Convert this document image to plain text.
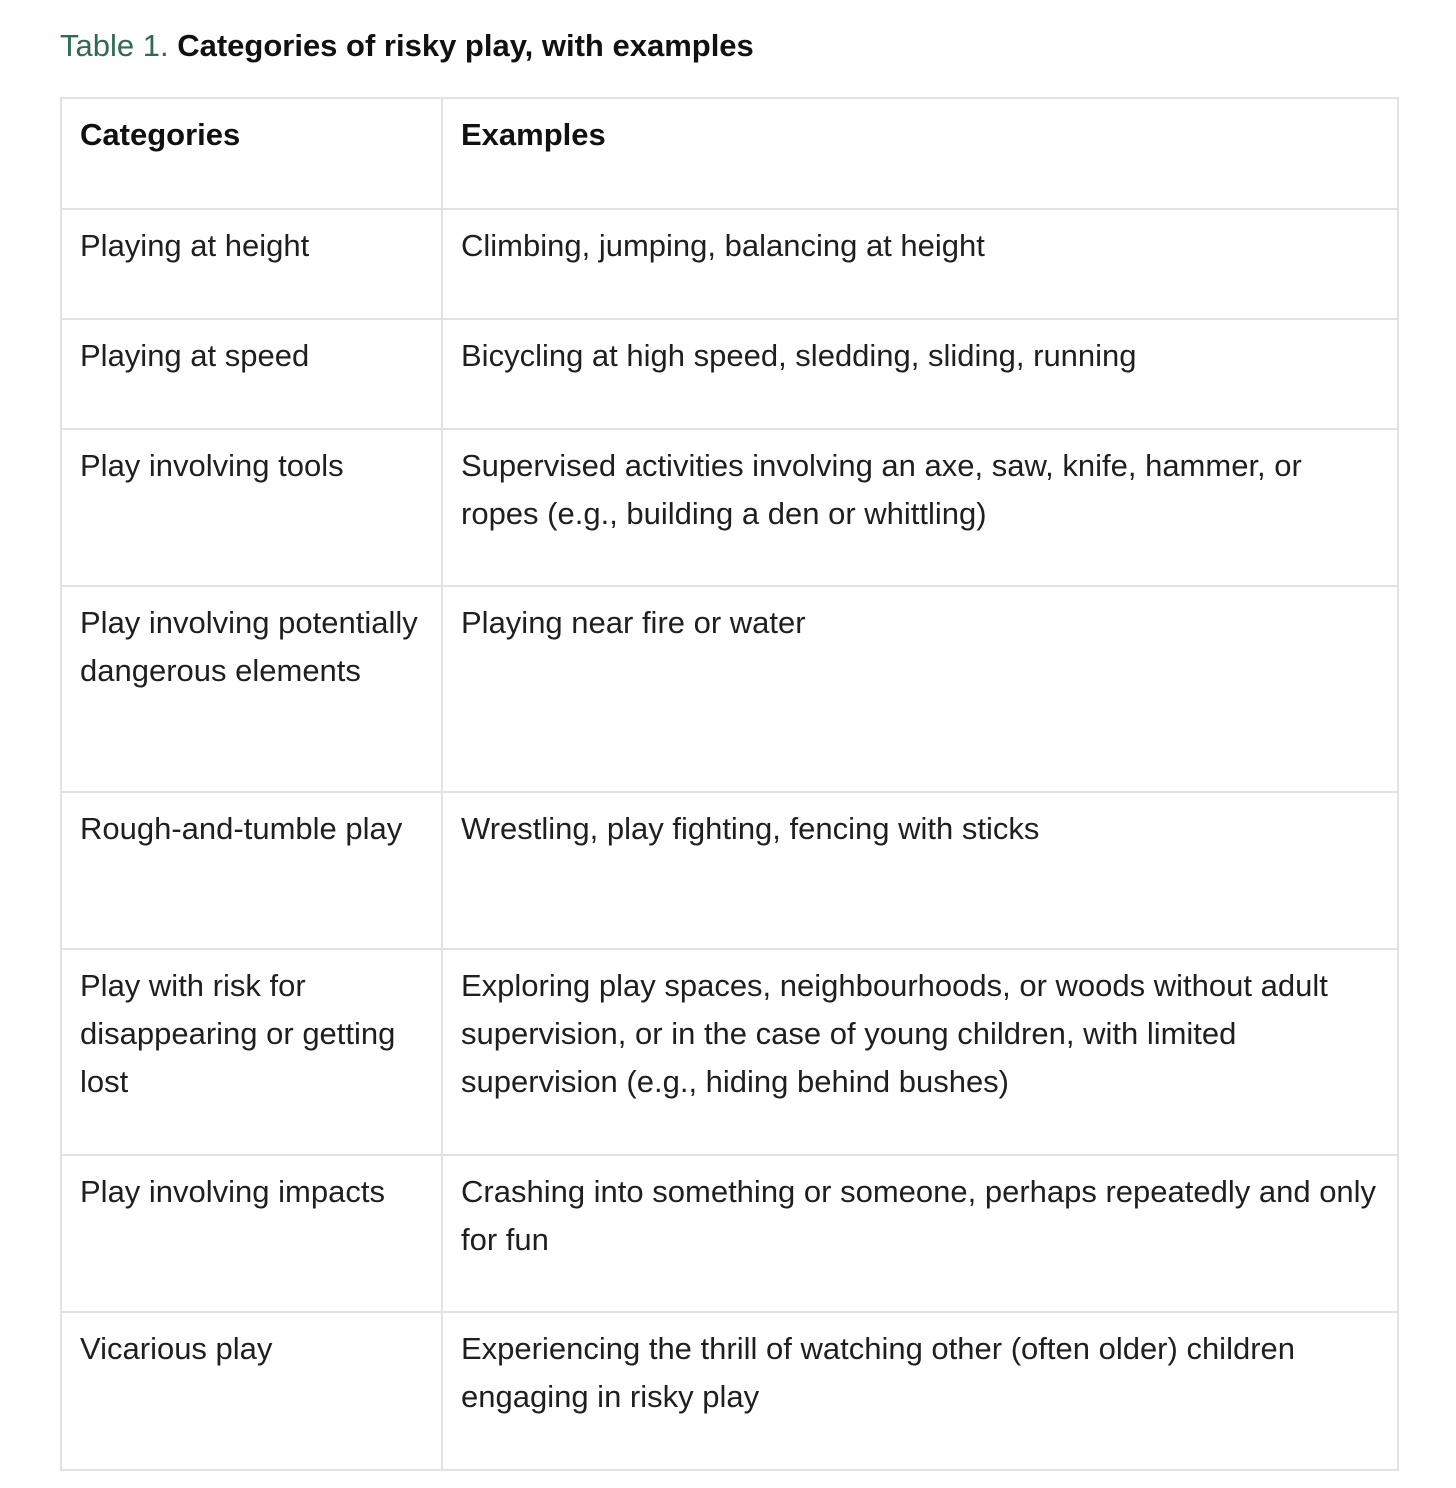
Table 1. Categories of risky play, with examples
Categories	Examples
Playing at height	Climbing, jumping, balancing at height
Playing at speed	Bicycling at high speed, sledding, sliding, running
Play involving tools	Supervised activities involving an axe, saw, knife, hammer, or ropes (e.g., building a den or whittling)
Play involving potentially dangerous elements	Playing near fire or water
Rough-and-tumble play	Wrestling, play fighting, fencing with sticks
Play with risk for disappearing or getting lost	Exploring play spaces, neighbourhoods, or woods without adult supervision, or in the case of young children, with limited supervision (e.g., hiding behind bushes)
Play involving impacts	Crashing into something or someone, perhaps repeatedly and only for fun
Vicarious play	Experiencing the thrill of watching other (often older) children engaging in risky play
